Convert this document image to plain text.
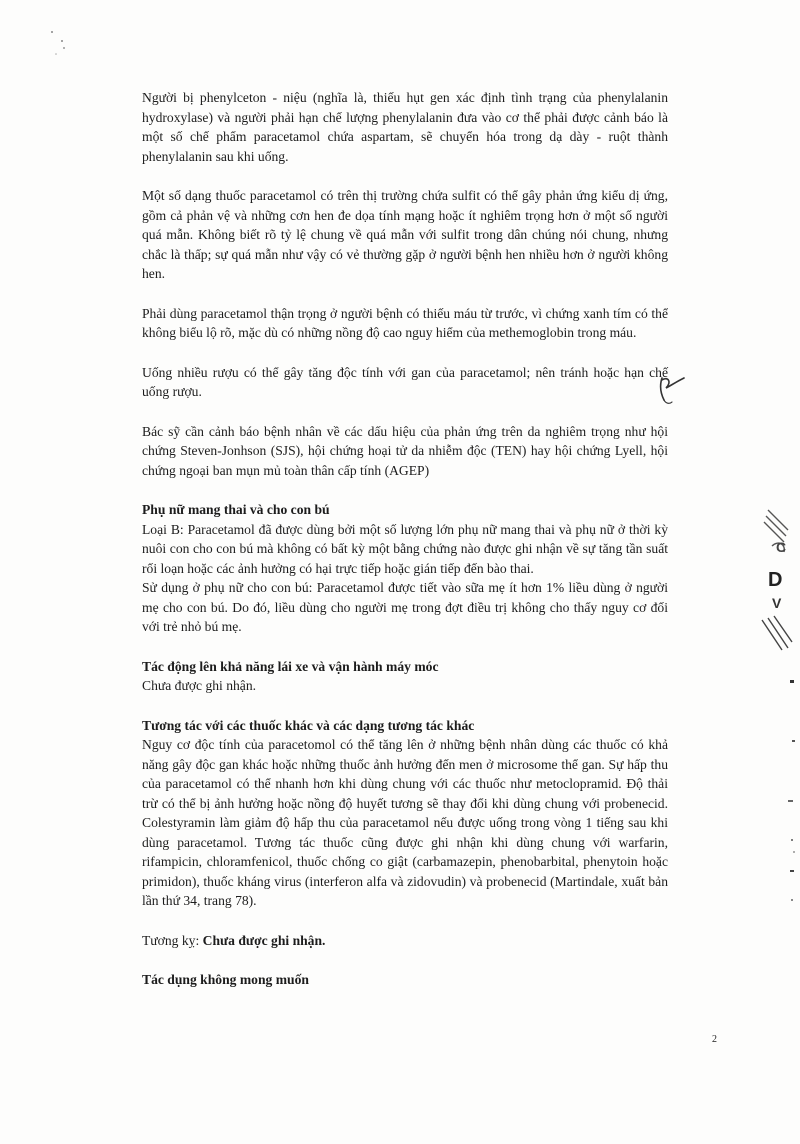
Người bị phenylceton - niệu (nghĩa là, thiếu hụt gen xác định tình trạng của phenylalanin hydroxylase) và người phải hạn chế lượng phenylalanin đưa vào cơ thể phải được cảnh báo là một số chế phẩm paracetamol chứa aspartam, sẽ chuyển hóa trong dạ dày - ruột thành phenylalanin sau khi uống.

Một số dạng thuốc paracetamol có trên thị trường chứa sulfit có thể gây phản ứng kiểu dị ứng, gồm cả phản vệ và những cơn hen đe dọa tính mạng hoặc ít nghiêm trọng hơn ở một số người quá mẫn. Không biết rõ tỷ lệ chung về quá mẫn với sulfit trong dân chúng nói chung, nhưng chắc là thấp; sự quá mẫn như vậy có vẻ thường gặp ở người bệnh hen nhiều hơn ở người không hen.

Phải dùng paracetamol thận trọng ở người bệnh có thiếu máu từ trước, vì chứng xanh tím có thể không biểu lộ rõ, mặc dù có những nồng độ cao nguy hiểm của methemoglobin trong máu.

Uống nhiều rượu có thể gây tăng độc tính với gan của paracetamol; nên tránh hoặc hạn chế uống rượu.

Bác sỹ cần cảnh báo bệnh nhân về các dấu hiệu của phản ứng trên da nghiêm trọng như hội chứng Steven-Jonhson (SJS), hội chứng hoại tử da nhiễm độc (TEN) hay hội chứng Lyell, hội chứng ngoại ban mụn mủ toàn thân cấp tính (AGEP)

Phụ nữ mang thai và cho con bú

Loại B: Paracetamol đã được dùng bởi một số lượng lớn phụ nữ mang thai và phụ nữ ở thời kỳ nuôi con cho con bú mà không có bất kỳ một bằng chứng nào được ghi nhận về sự tăng tần suất rối loạn hoặc các ảnh hưởng có hại trực tiếp hoặc gián tiếp đến bào thai.

Sử dụng ở phụ nữ cho con bú: Paracetamol được tiết vào sữa mẹ ít hơn 1% liều dùng ở người mẹ cho con bú. Do đó, liều dùng cho người mẹ trong đợt điều trị không cho thấy nguy cơ đối với trẻ nhỏ bú mẹ.

Tác động lên khả năng lái xe và vận hành máy móc

Chưa được ghi nhận.

Tương tác với các thuốc khác và các dạng tương tác khác

Nguy cơ độc tính của paracetomol có thể tăng lên ở những bệnh nhân dùng các thuốc có khả năng gây độc gan khác hoặc những thuốc ảnh hưởng đến men ở microsome thể gan. Sự hấp thu của paracetamol có thể nhanh hơn khi dùng chung với các thuốc như metoclopramid. Độ thải trừ có thể bị ảnh hưởng hoặc nồng độ huyết tương sẽ thay đổi khi dùng chung với probenecid. Colestyramin làm giảm độ hấp thu của paracetamol nếu được uống trong vòng 1 tiếng sau khi dùng paracetamol. Tương tác thuốc cũng được ghi nhận khi dùng chung với warfarin, rifampicin, chloramfenicol, thuốc chống co giật (carbamazepin, phenobarbital, phenytoin hoặc primidon), thuốc kháng virus (interferon alfa và zidovudin) và probenecid (Martindale, xuất bản lần thứ 34, trang 78).

Tương kỵ: Chưa được ghi nhận.

Tác dụng không mong muốn

C
D
V
2
